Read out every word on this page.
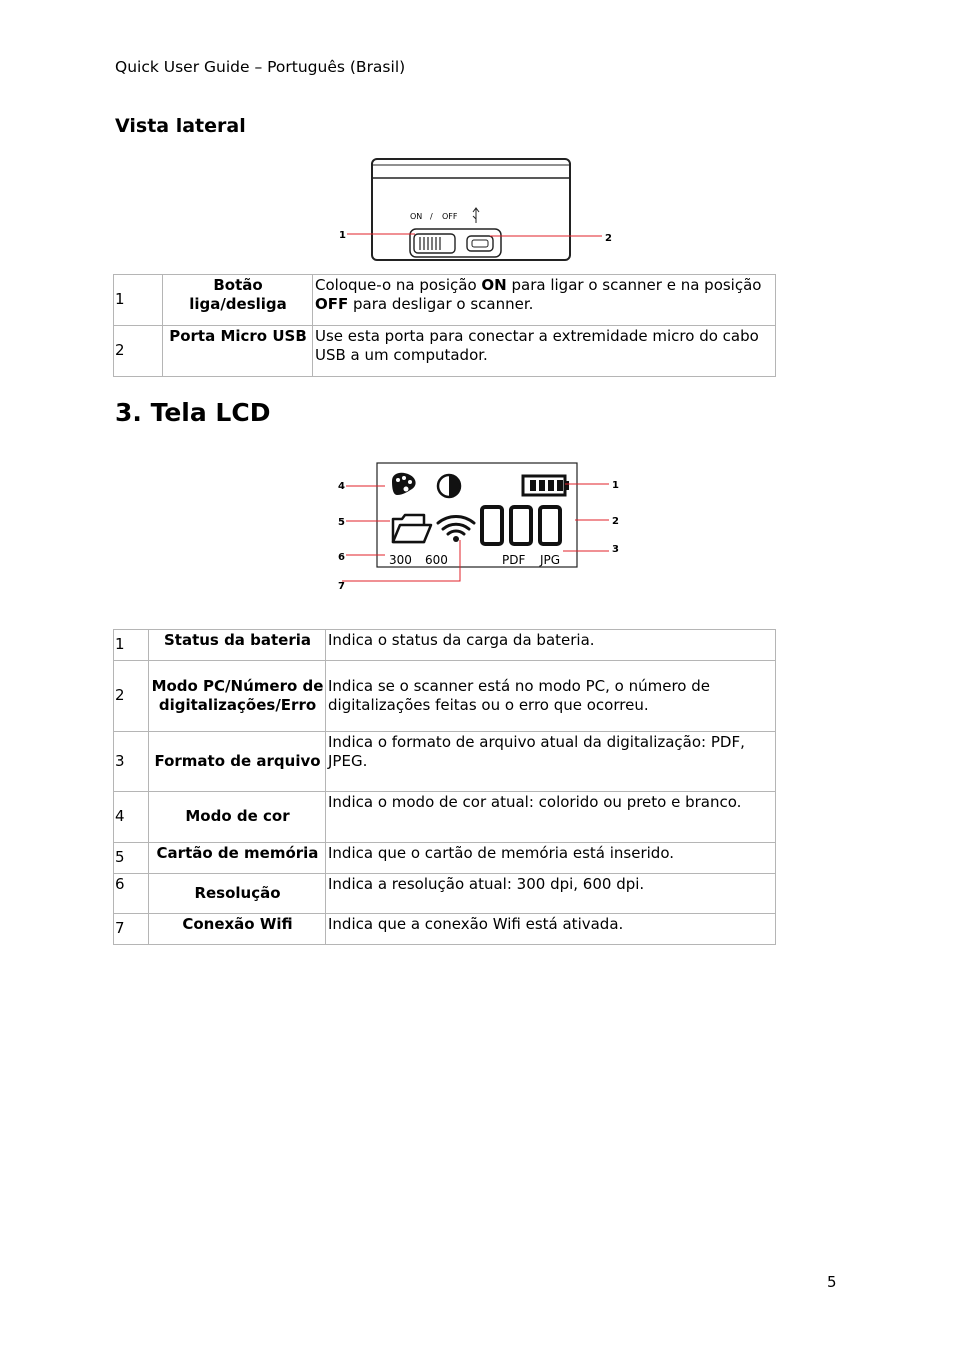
Quick User Guide – Português (Brasil)
Vista lateral
ON / OFF
1	2
1	Botão liga/desliga	Coloque-o na posição ON para ligar o scanner e na posição OFF para desligar o scanner.
2	Porta Micro USB	Use esta porta para conectar a extremidade micro do cabo USB a um computador.
3. Tela LCD
300 600	PDF JPG
4
5
6
7
1
2
3
1	Status da bateria	Indica o status da carga da bateria.
2	Modo PC/Número de digitalizações/Erro	Indica se o scanner está no modo PC, o número de digitalizações feitas ou o erro que ocorreu.
3	Formato de arquivo	Indica o formato de arquivo atual da digitalização: PDF, JPEG.
4	Modo de cor	Indica o modo de cor atual: colorido ou preto e branco.
5	Cartão de memória	Indica que o cartão de memória está inserido.
6	Resolução	Indica a resolução atual: 300 dpi, 600 dpi.
7	Conexão Wifi	Indica que a conexão Wifi está ativada.
5
